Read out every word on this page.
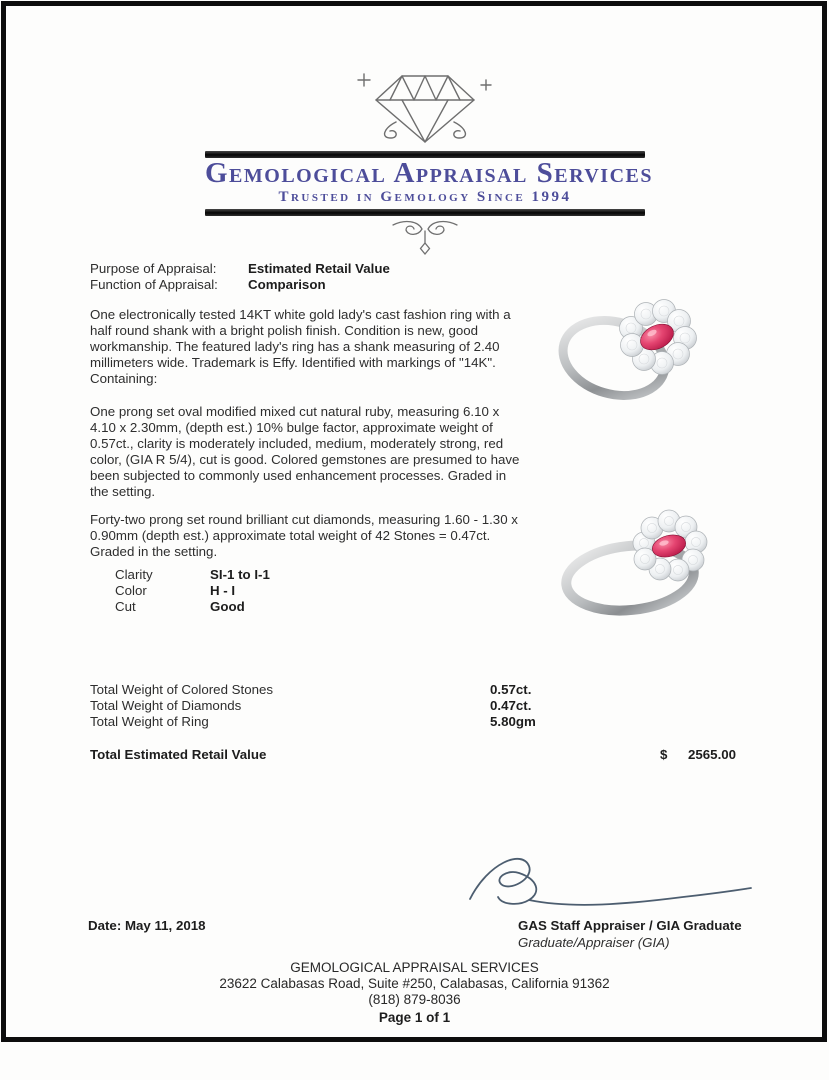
Gemological Appraisal Services
Trusted in Gemology Since 1994
Purpose of Appraisal: Estimated Retail Value
Function of Appraisal: Comparison
One electronically tested 14KT white gold lady's cast fashion ring with a half round shank with a bright polish finish. Condition is new, good workmanship. The featured lady's ring has a shank measuring of 2.40 millimeters wide. Trademark is Effy. Identified with markings of "14K". Containing:
One prong set oval modified mixed cut natural ruby, measuring 6.10 x 4.10 x 2.30mm, (depth est.) 10% bulge factor, approximate weight of 0.57ct., clarity is moderately included, medium, moderately strong, red color, (GIA R 5/4), cut is good. Colored gemstones are presumed to have been subjected to commonly used enhancement processes. Graded in the setting.
Forty-two prong set round brilliant cut diamonds, measuring 1.60 - 1.30 x 0.90mm (depth est.) approximate total weight of 42 Stones = 0.47ct. Graded in the setting.
Clarity	SI-1 to I-1
Color	H - I
Cut	Good
Total Weight of Colored Stones	0.57ct.
Total Weight of Diamonds	0.47ct.
Total Weight of Ring	5.80gm
Total Estimated Retail Value	$ 2565.00
Date: May 11, 2018	GAS Staff Appraiser / GIA Graduate
Graduate/Appraiser (GIA)
GEMOLOGICAL APPRAISAL SERVICES
23622 Calabasas Road, Suite #250, Calabasas, California 91362
(818) 879-8036
Page 1 of 1
